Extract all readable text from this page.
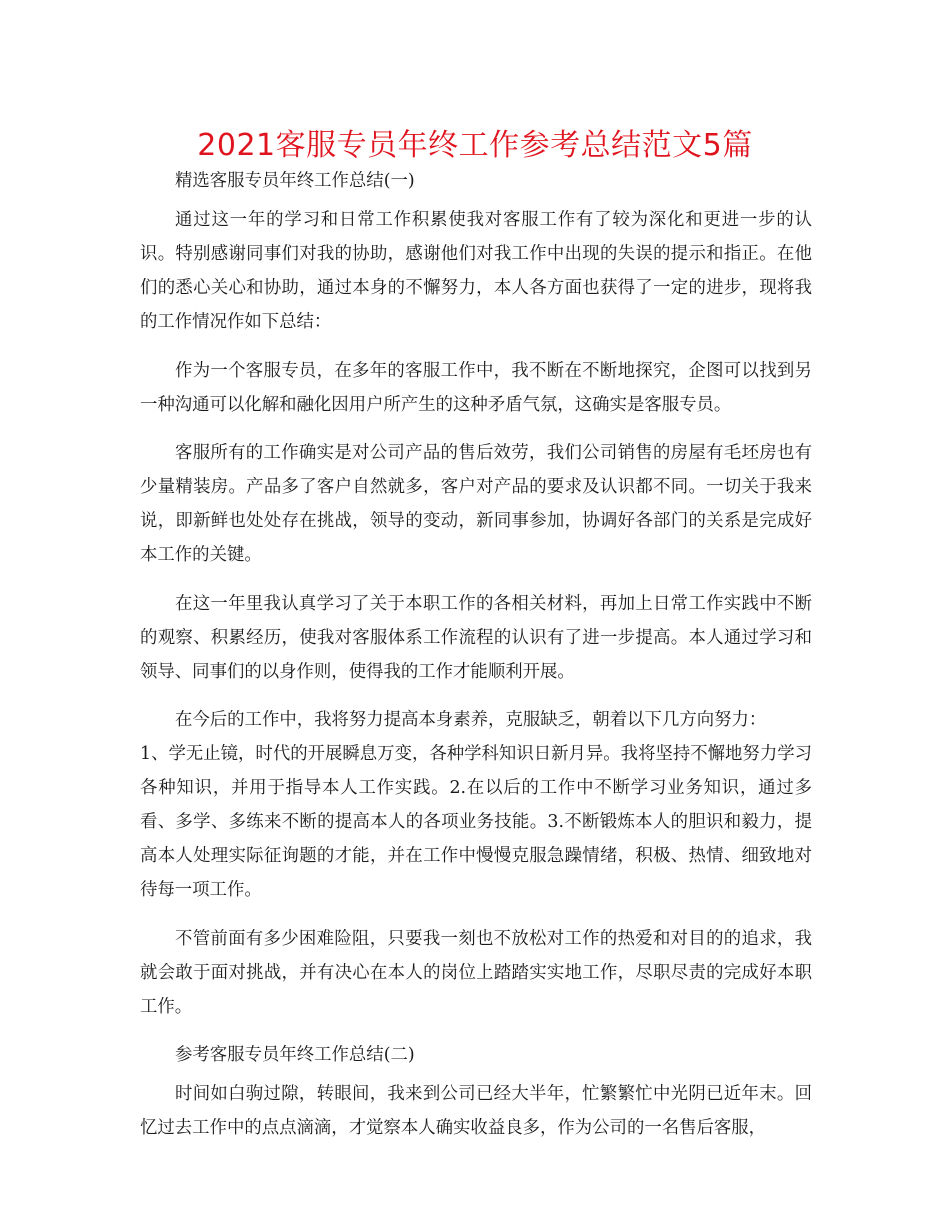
2021客服专员年终工作参考总结范文5篇

精选客服专员年终工作总结(一)

通过这一年的学习和日常工作积累使我对客服工作有了较为深化和更进一步的认识。特别感谢同事们对我的协助，感谢他们对我工作中出现的失误的提示和指正。在他们的悉心关心和协助，通过本身的不懈努力，本人各方面也获得了一定的进步，现将我的工作情况作如下总结：

作为一个客服专员，在多年的客服工作中，我不断在不断地探究，企图可以找到另一种沟通可以化解和融化因用户所产生的这种矛盾气氛，这确实是客服专员。

客服所有的工作确实是对公司产品的售后效劳，我们公司销售的房屋有毛坯房也有少量精装房。产品多了客户自然就多，客户对产品的要求及认识都不同。一切关于我来说，即新鲜也处处存在挑战，领导的变动，新同事参加，协调好各部门的关系是完成好本工作的关键。

在这一年里我认真学习了关于本职工作的各相关材料，再加上日常工作实践中不断的观察、积累经历，使我对客服体系工作流程的认识有了进一步提高。本人通过学习和领导、同事们的以身作则，使得我的工作才能顺利开展。

在今后的工作中，我将努力提高本身素养，克服缺乏，朝着以下几方向努力：

1、学无止镜，时代的开展瞬息万变，各种学科知识日新月异。我将坚持不懈地努力学习各种知识，并用于指导本人工作实践。2.在以后的工作中不断学习业务知识，通过多看、多学、多练来不断的提高本人的各项业务技能。3.不断锻炼本人的胆识和毅力，提高本人处理实际征询题的才能，并在工作中慢慢克服急躁情绪，积极、热情、细致地对待每一项工作。

不管前面有多少困难险阻，只要我一刻也不放松对工作的热爱和对目的的追求，我就会敢于面对挑战，并有决心在本人的岗位上踏踏实实地工作，尽职尽责的完成好本职工作。

参考客服专员年终工作总结(二)

时间如白驹过隙，转眼间，我来到公司已经大半年，忙繁繁忙中光阴已近年末。回忆过去工作中的点点滴滴，才觉察本人确实收益良多，作为公司的一名售后客服，
